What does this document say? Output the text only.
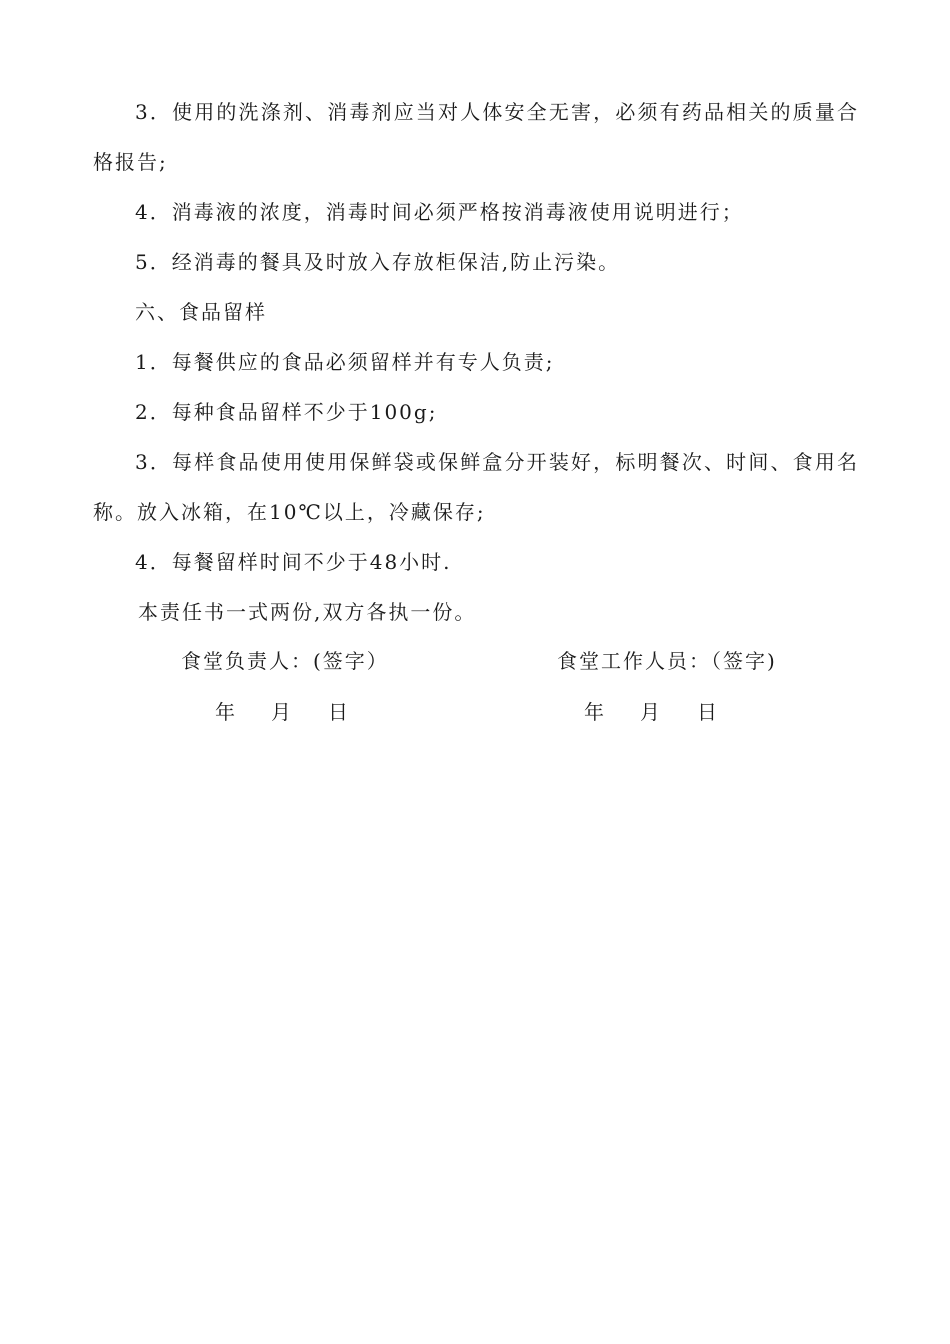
3．使用的洗涤剂、消毒剂应当对人体安全无害，必须有药品相关的质量合格报告;

4．消毒液的浓度，消毒时间必须严格按消毒液使用说明进行；

5．经消毒的餐具及时放入存放柜保洁,防止污染。

六、食品留样

1．每餐供应的食品必须留样并有专人负责;

2．每种食品留样不少于100g;

3．每样食品使用使用保鲜袋或保鲜盒分开装好，标明餐次、时间、食用名称。放入冰箱，在10℃以上，冷藏保存;

4．每餐留样时间不少于48小时.

本责任书一式两份,双方各执一份。

食堂负责人：(签字）	食堂工作人员：（签字)
年 月 日	年 月 日
